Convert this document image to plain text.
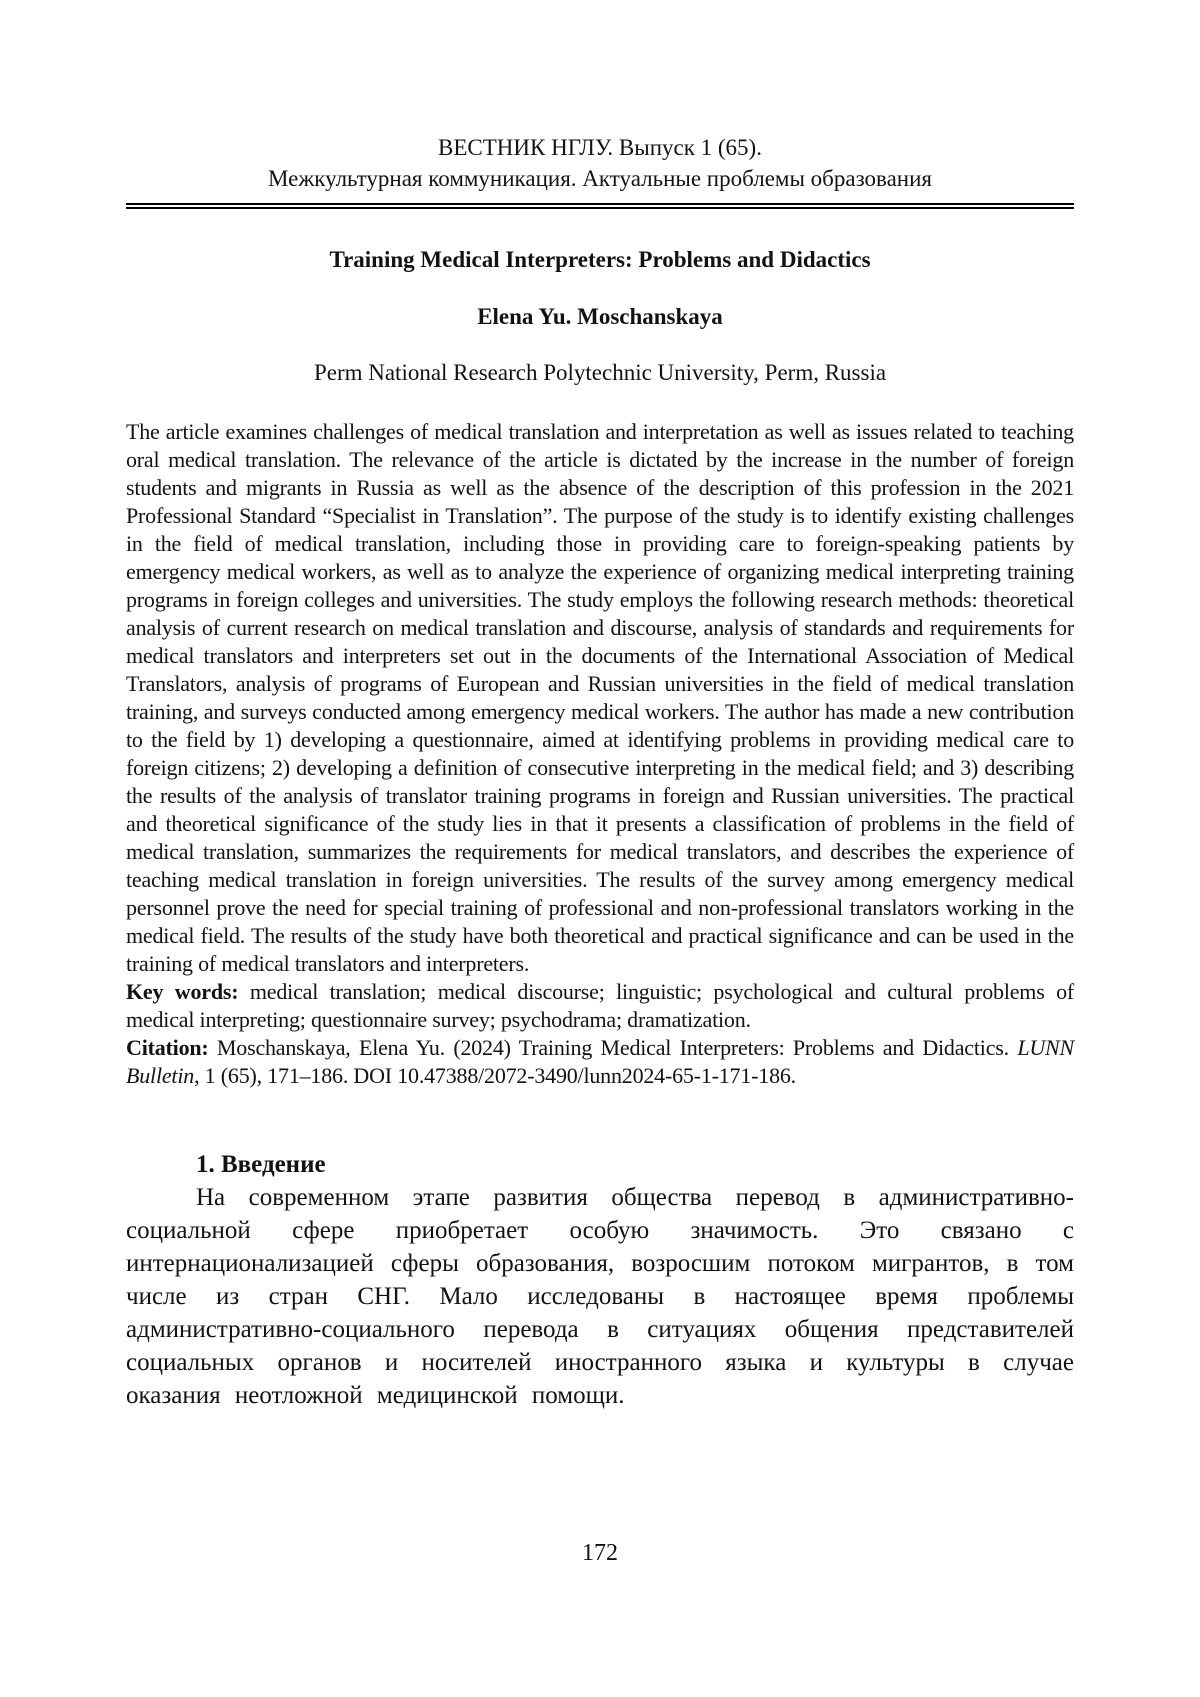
ВЕСТНИК НГЛУ. Выпуск 1 (65).
Межкультурная коммуникация. Актуальные проблемы образования
Training Medical Interpreters: Problems and Didactics
Elena Yu. Moschanskaya
Perm National Research Polytechnic University, Perm, Russia
The article examines challenges of medical translation and interpretation as well as issues related to teaching oral medical translation. The relevance of the article is dictated by the increase in the number of foreign students and migrants in Russia as well as the absence of the description of this profession in the 2021 Professional Standard “Specialist in Translation”. The purpose of the study is to identify existing challenges in the field of medical translation, including those in providing care to foreign-speaking patients by emergency medical workers, as well as to analyze the experience of organizing medical interpreting training programs in foreign colleges and universities. The study employs the following research methods: theoretical analysis of current research on medical translation and discourse, analysis of standards and requirements for medical translators and interpreters set out in the documents of the International Association of Medical Translators, analysis of programs of European and Russian universities in the field of medical translation training, and surveys conducted among emergency medical workers. The author has made a new contribution to the field by 1) developing a questionnaire, aimed at identifying problems in providing medical care to foreign citizens; 2) developing a definition of consecutive interpreting in the medical field; and 3) describing the results of the analysis of translator training programs in foreign and Russian universities. The practical and theoretical significance of the study lies in that it presents a classification of problems in the field of medical translation, summarizes the requirements for medical translators, and describes the experience of teaching medical translation in foreign universities. The results of the survey among emergency medical personnel prove the need for special training of professional and non-professional translators working in the medical field. The results of the study have both theoretical and practical significance and can be used in the training of medical translators and interpreters.
Key words: medical translation; medical discourse; linguistic; psychological and cultural problems of medical interpreting; questionnaire survey; psychodrama; dramatization.
Citation: Moschanskaya, Elena Yu. (2024) Training Medical Interpreters: Problems and Didactics. LUNN Bulletin, 1 (65), 171–186. DOI 10.47388/2072-3490/lunn2024-65-1-171-186.
1. Введение
На современном этапе развития общества перевод в административно-социальной сфере приобретает особую значимость. Это связано с интернационализацией сферы образования, возросшим потоком мигрантов, в том числе из стран СНГ. Мало исследованы в настоящее время проблемы административно-социального перевода в ситуациях общения представителей социальных органов и носителей иностранного языка и культуры в случае оказания неотложной медицинской помощи.
172
